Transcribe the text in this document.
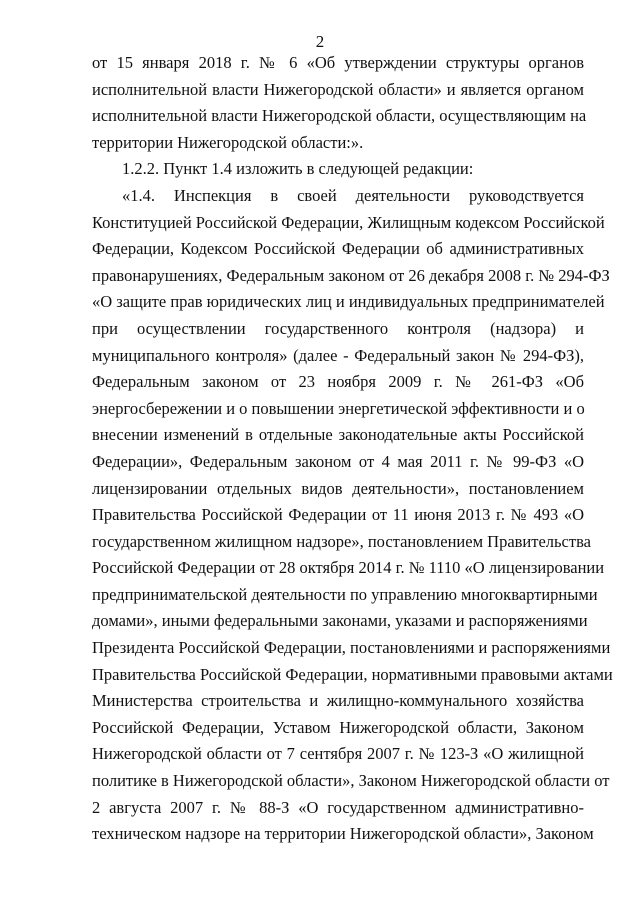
2
от 15 января 2018 г. № 6 «Об утверждении структуры органов
исполнительной власти Нижегородской области» и является органом
исполнительной власти Нижегородской области, осуществляющим на
территории Нижегородской области:».
1.2.2. Пункт 1.4 изложить в следующей редакции:
«1.4. Инспекция в своей деятельности руководствуется
Конституцией Российской Федерации, Жилищным кодексом Российской
Федерации, Кодексом Российской Федерации об административных
правонарушениях, Федеральным законом от 26 декабря 2008 г. № 294-ФЗ
«О защите прав юридических лиц и индивидуальных предпринимателей
при осуществлении государственного контроля (надзора) и
муниципального контроля» (далее - Федеральный закон № 294-ФЗ),
Федеральным законом от 23 ноября 2009 г. № 261-ФЗ «Об
энергосбережении и о повышении энергетической эффективности и о
внесении изменений в отдельные законодательные акты Российской
Федерации», Федеральным законом от 4 мая 2011 г. № 99-ФЗ «О
лицензировании отдельных видов деятельности», постановлением
Правительства Российской Федерации от 11 июня 2013 г. № 493 «О
государственном жилищном надзоре», постановлением Правительства
Российской Федерации от 28 октября 2014 г. № 1110 «О лицензировании
предпринимательской деятельности по управлению многоквартирными
домами», иными федеральными законами, указами и распоряжениями
Президента Российской Федерации, постановлениями и распоряжениями
Правительства Российской Федерации, нормативными правовыми актами
Министерства строительства и жилищно-коммунального хозяйства
Российской Федерации, Уставом Нижегородской области, Законом
Нижегородской области от 7 сентября 2007 г. № 123-З «О жилищной
политике в Нижегородской области», Законом Нижегородской области от
2 августа 2007 г. № 88-З «О государственном административно-
техническом надзоре на территории Нижегородской области», Законом
